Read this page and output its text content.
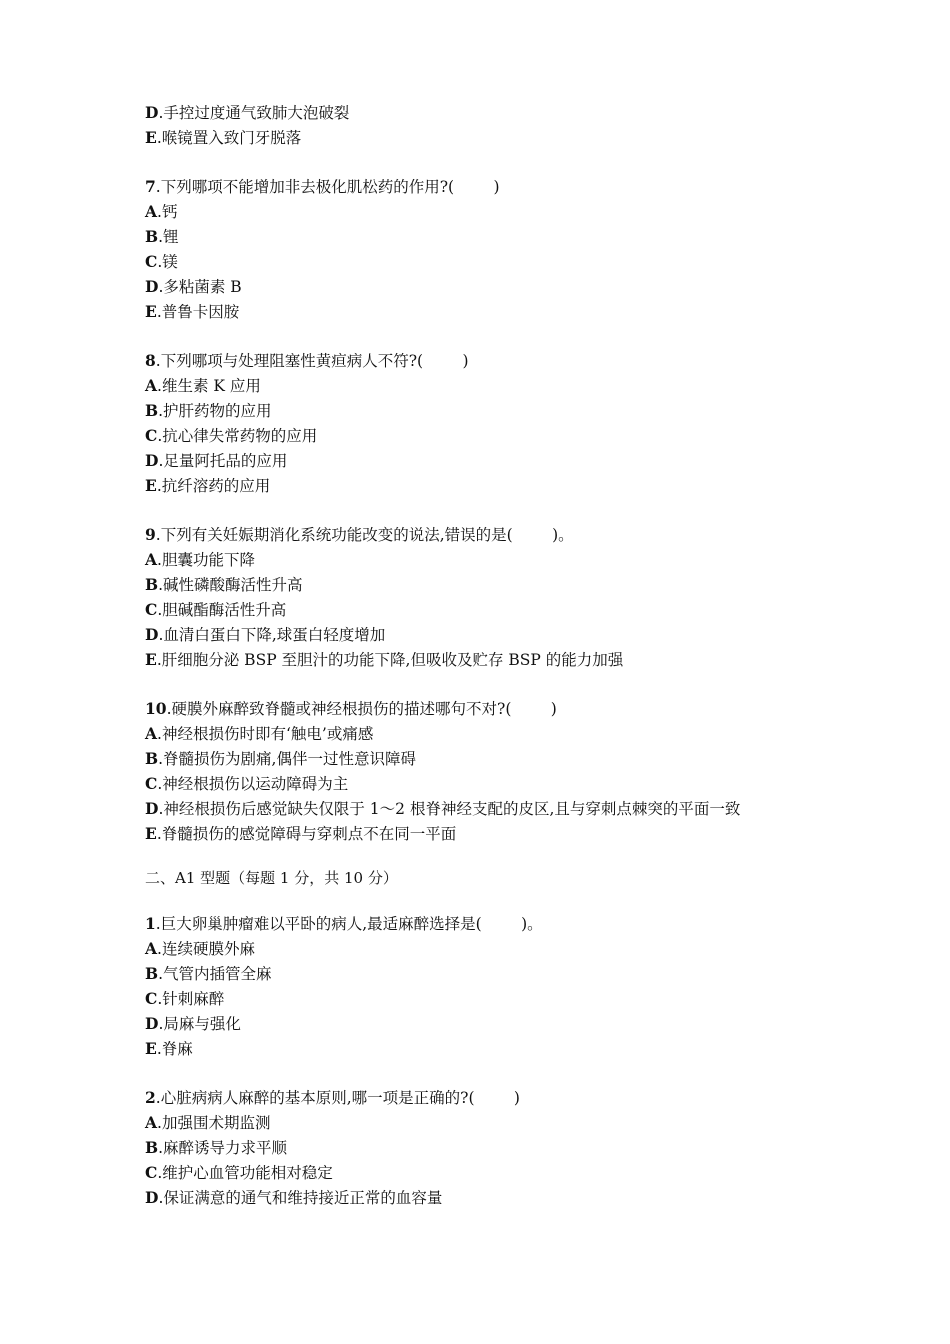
D.手控过度通气致肺大泡破裂
E.喉镜置入致门牙脱落
7.下列哪项不能增加非去极化肌松药的作用?(        )
A.钙
B.锂
C.镁
D.多粘菌素 B
E.普鲁卡因胺
8.下列哪项与处理阻塞性黄疸病人不符?(        )
A.维生素 K 应用
B.护肝药物的应用
C.抗心律失常药物的应用
D.足量阿托品的应用
E.抗纤溶药的应用
9.下列有关妊娠期消化系统功能改变的说法,错误的是(        )。
A.胆囊功能下降
B.碱性磷酸酶活性升高
C.胆碱酯酶活性升高
D.血清白蛋白下降,球蛋白轻度增加
E.肝细胞分泌 BSP 至胆汁的功能下降,但吸收及贮存 BSP 的能力加强
10.硬膜外麻醉致脊髓或神经根损伤的描述哪句不对?(        )
A.神经根损伤时即有‘触电’或痛感
B.脊髓损伤为剧痛,偶伴一过性意识障碍
C.神经根损伤以运动障碍为主
D.神经根损伤后感觉缺失仅限于 1～2 根脊神经支配的皮区,且与穿刺点棘突的平面一致
E.脊髓损伤的感觉障碍与穿刺点不在同一平面
二、A1 型题（每题 1 分，共 10 分）
1.巨大卵巢肿瘤难以平卧的病人,最适麻醉选择是(        )。
A.连续硬膜外麻
B.气管内插管全麻
C.针刺麻醉
D.局麻与强化
E.脊麻
2.心脏病病人麻醉的基本原则,哪一项是正确的?(        )
A.加强围术期监测
B.麻醉诱导力求平顺
C.维护心血管功能相对稳定
D.保证满意的通气和维持接近正常的血容量
